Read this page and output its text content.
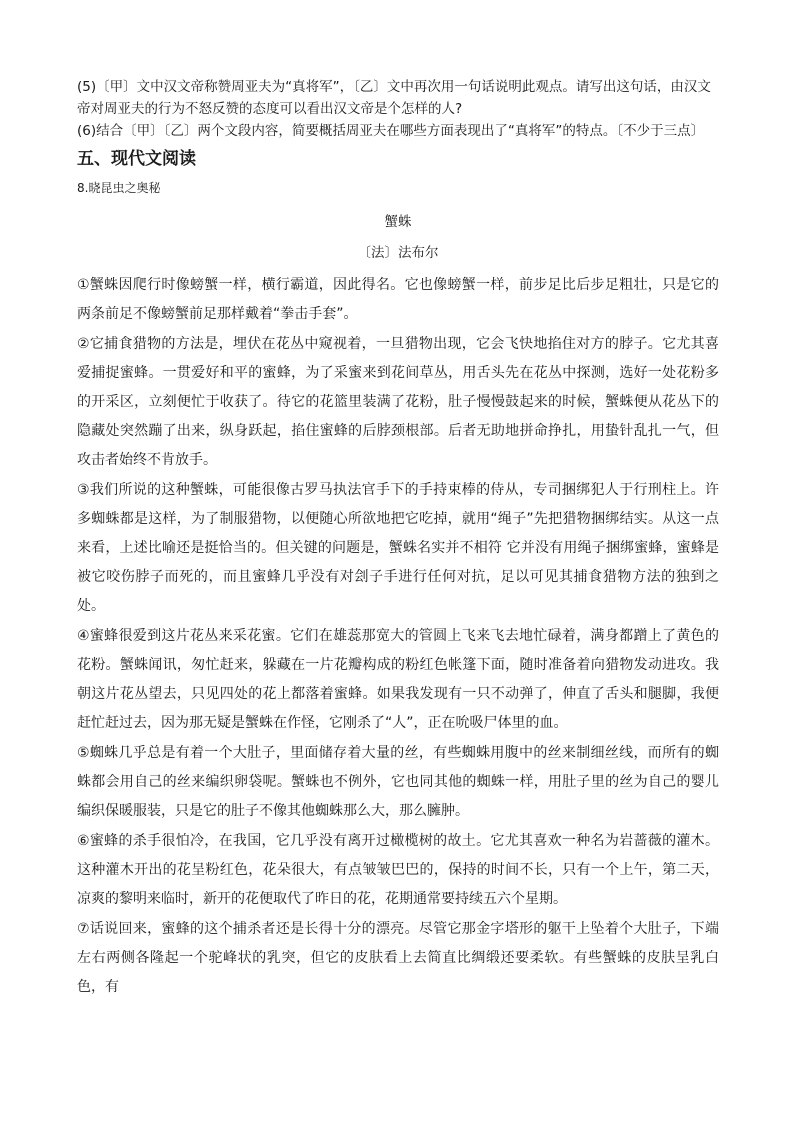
(5)〔甲〕文中汉文帝称赞周亚夫为“真将军”，〔乙〕文中再次用一句话说明此观点。请写出这句话，由汉文帝对周亚夫的行为不怒反赞的态度可以看出汉文帝是个怎样的人?

(6)结合〔甲〕〔乙〕两个文段内容，简要概括周亚夫在哪些方面表现出了“真将军”的特点。〔不少于三点〕

五、现代文阅读

8.晓昆虫之奥秘

蟹蛛

〔法〕法布尔

①蟹蛛因爬行时像螃蟹一样，横行霸道，因此得名。它也像螃蟹一样，前步足比后步足粗壮，只是它的两条前足不像螃蟹前足那样戴着“拳击手套”。

②它捕食猎物的方法是，埋伏在花丛中窥视着，一旦猎物出现，它会飞快地掐住对方的脖子。它尤其喜爱捕捉蜜蜂。一贯爱好和平的蜜蜂，为了采蜜来到花间草丛，用舌头先在花丛中探测，选好一处花粉多的开采区，立刻便忙于收获了。待它的花篮里装满了花粉，肚子慢慢鼓起来的时候，蟹蛛便从花丛下的隐藏处突然蹦了出来，纵身跃起，掐住蜜蜂的后脖颈根部。后者无助地拼命挣扎，用蛰针乱扎一气，但攻击者始终不肯放手。

③我们所说的这种蟹蛛，可能很像古罗马执法官手下的手持束棒的侍从，专司捆绑犯人于行刑柱上。许多蜘蛛都是这样，为了制服猎物，以便随心所欲地把它吃掉，就用“绳子”先把猎物捆绑结实。从这一点来看，上述比喻还是挺恰当的。但关键的问题是，蟹蛛名实并不相符 它并没有用绳子捆绑蜜蜂，蜜蜂是被它咬伤脖子而死的，而且蜜蜂几乎没有对刽子手进行任何对抗，足以可见其捕食猎物方法的独到之处。

④蜜蜂很爱到这片花丛来采花蜜。它们在雄蕊那宽大的管圆上飞来飞去地忙碌着，满身都蹭上了黄色的花粉。蟹蛛闻讯，匆忙赶来，躲藏在一片花瓣构成的粉红色帐篷下面，随时准备着向猎物发动进攻。我朝这片花丛望去，只见四处的花上都落着蜜蜂。如果我发现有一只不动弹了，伸直了舌头和腿脚，我便赶忙赶过去，因为那无疑是蟹蛛在作怪，它刚杀了“人”，正在吮吸尸体里的血。

⑤蜘蛛几乎总是有着一个大肚子，里面储存着大量的丝，有些蜘蛛用腹中的丝来制细丝线，而所有的蜘蛛都会用自己的丝来编织卵袋呢。蟹蛛也不例外，它也同其他的蜘蛛一样，用肚子里的丝为自己的婴儿编织保暖服装，只是它的肚子不像其他蜘蛛那么大，那么臃肿。

⑥蜜蜂的杀手很怕冷，在我国，它几乎没有离开过橄榄树的故土。它尤其喜欢一种名为岩蔷薇的灌木。这种灌木开出的花呈粉红色，花朵很大，有点皱皱巴巴的，保持的时间不长，只有一个上午，第二天，凉爽的黎明来临时，新开的花便取代了昨日的花，花期通常要持续五六个星期。

⑦话说回来，蜜蜂的这个捕杀者还是长得十分的漂亮。尽管它那金字塔形的躯干上坠着个大肚子，下端左右两侧各隆起一个驼峰状的乳突，但它的皮肤看上去简直比绸缎还要柔软。有些蟹蛛的皮肤呈乳白色，有
